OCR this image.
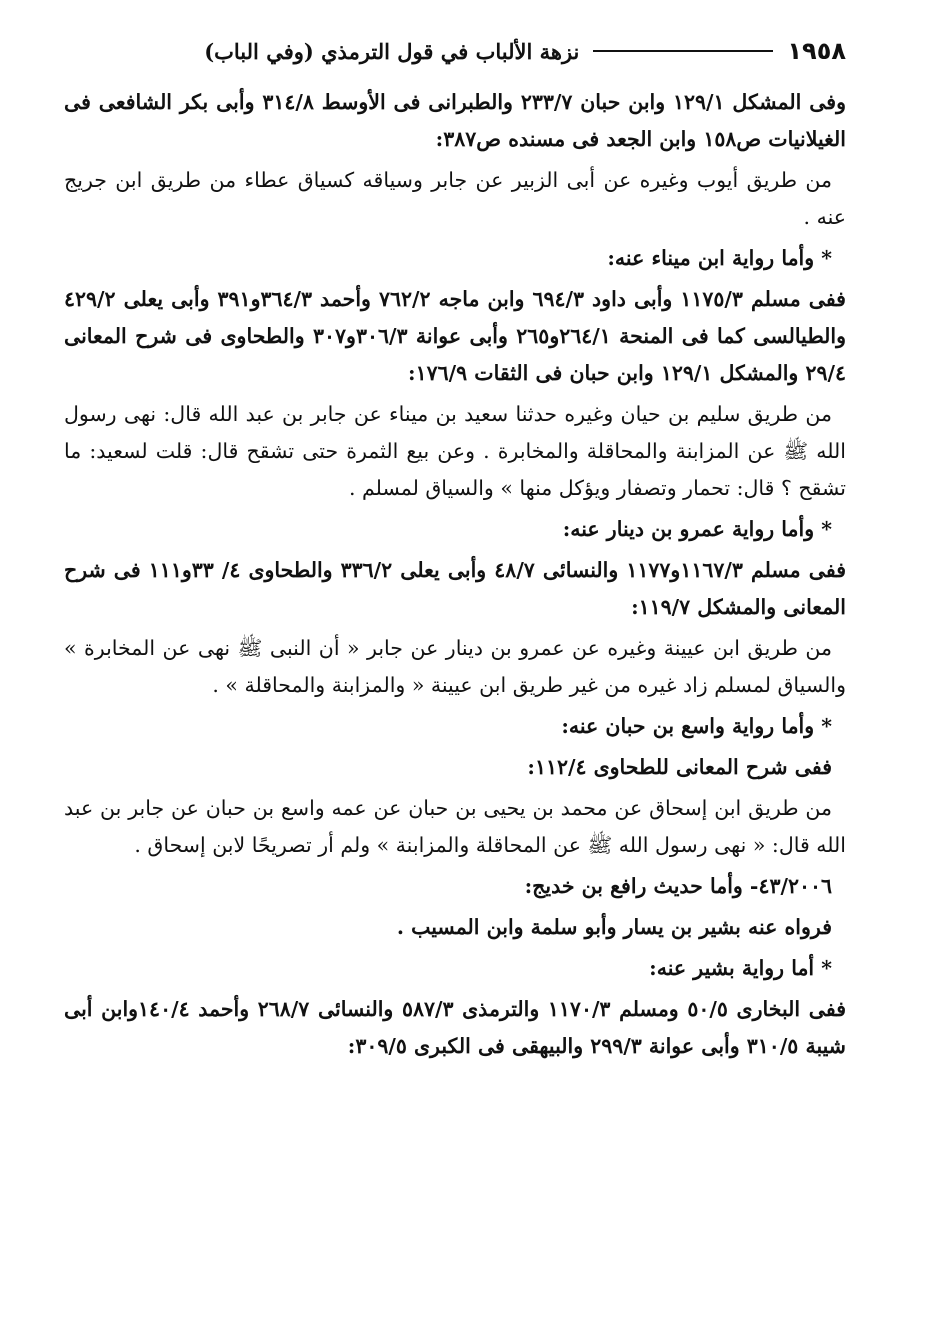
١٩٥٨
نزهة الألباب في قول الترمذي (وفي الباب)

وفى المشكل ١٢٩/١ وابن حبان ٢٣٣/٧ والطبرانى فى الأوسط ٣١٤/٨ وأبى بكر الشافعى فى الغيلانيات ص١٥٨ وابن الجعد فى مسنده ص٣٨٧:

من طريق أيوب وغيره عن أبى الزبير عن جابر وسياقه كسياق عطاء من طريق ابن جريج عنه .

* وأما رواية ابن ميناء عنه:

ففى مسلم ١١٧٥/٣ وأبى داود ٦٩٤/٣ وابن ماجه ٧٦٢/٢ وأحمد ٣٦٤/٣و٣٩١ وأبى يعلى ٤٢٩/٢ والطيالسى كما فى المنحة ٢٦٤/١و٢٦٥ وأبى عوانة ٣٠٦/٣و٣٠٧ والطحاوى فى شرح المعانى ٢٩/٤ والمشكل ١٢٩/١ وابن حبان فى الثقات ١٧٦/٩:

من طريق سليم بن حيان وغيره حدثنا سعيد بن ميناء عن جابر بن عبد الله قال: نهى رسول الله ﷺ عن المزابنة والمحاقلة والمخابرة . وعن بيع الثمرة حتى تشقح قال: قلت لسعيد: ما تشقح ؟ قال: تحمار وتصفار ويؤكل منها » والسياق لمسلم .

* وأما رواية عمرو بن دينار عنه:

ففى مسلم ١١٦٧/٣و١١٧٧ والنسائى ٤٨/٧ وأبى يعلى ٣٣٦/٢ والطحاوى ٤/ ٣٣و١١١ فى شرح المعانى والمشكل ١١٩/٧:

من طريق ابن عيينة وغيره عن عمرو بن دينار عن جابر « أن النبى ﷺ نهى عن المخابرة » والسياق لمسلم زاد غيره من غير طريق ابن عيينة « والمزابنة والمحاقلة » .

* وأما رواية واسع بن حبان عنه:

ففى شرح المعانى للطحاوى ١١٢/٤:

من طريق ابن إسحاق عن محمد بن يحيى بن حبان عن عمه واسع بن حبان عن جابر بن عبد الله قال: « نهى رسول الله ﷺ عن المحاقلة والمزابنة » ولم أر تصريحًا لابن إسحاق .

٤٣/٢٠٠٦- وأما حديث رافع بن خديج:

فرواه عنه بشير بن يسار وأبو سلمة وابن المسيب .

* أما رواية بشير عنه:

ففى البخارى ٥٠/٥ ومسلم ١١٧٠/٣ والترمذى ٥٨٧/٣ والنسائى ٢٦٨/٧ وأحمد ١٤٠/٤وابن أبى شيبة ٣١٠/٥ وأبى عوانة ٢٩٩/٣ والبيهقى فى الكبرى ٣٠٩/٥:
